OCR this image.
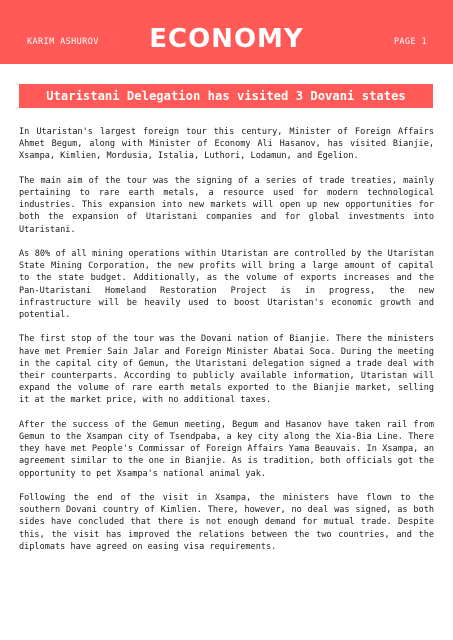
KARIM ASHUROV	ECONOMY	PAGE 1
Utaristani Delegation has visited 3 Dovani states

In Utaristan's largest foreign tour this century, Minister of Foreign Affairs Ahmet Begum, along with Minister of Economy Ali Hasanov, has visited Bianjie, Xsampa, Kimlien, Mordusia, Istalia, Luthori, Lodamun, and Egelion.

The main aim of the tour was the signing of a series of trade treaties, mainly pertaining to rare earth metals, a resource used for modern technological industries. This expansion into new markets will open up new opportunities for both the expansion of Utaristani companies and for global investments into Utaristani.

As 80% of all mining operations within Utaristan are controlled by the Utaristan State Mining Corporation, the new profits will bring a large amount of capital to the state budget. Additionally, as the volume of exports increases and the Pan-Utaristani Homeland Restoration Project is in progress, the new infrastructure will be heavily used to boost Utaristan's economic growth and potential.

The first stop of the tour was the Dovani nation of Bianjie. There the ministers have met Premier Sain Jalar and Foreign Minister Abatai Soca. During the meeting in the capital city of Gemun, the Utaristani delegation signed a trade deal with their counterparts. According to publicly available information, Utaristan will expand the volume of rare earth metals exported to the Bianjie market, selling it at the market price, with no additional taxes.

After the success of the Gemun meeting, Begum and Hasanov have taken rail from Gemun to the Xsampan city of Tsendpaba, a key city along the Xia-Bia Line. There they have met People's Commissar of Foreign Affairs Yama Beauvais. In Xsampa, an agreement similar to the one in Bianjie. As is tradition, both officials got the opportunity to pet Xsampa's national animal yak.

Following the end of the visit in Xsampa, the ministers have flown to the southern Dovani country of Kimlien. There, however, no deal was signed, as both sides have concluded that there is not enough demand for mutual trade. Despite this, the visit has improved the relations between the two countries, and the diplomats have agreed on easing visa requirements.
